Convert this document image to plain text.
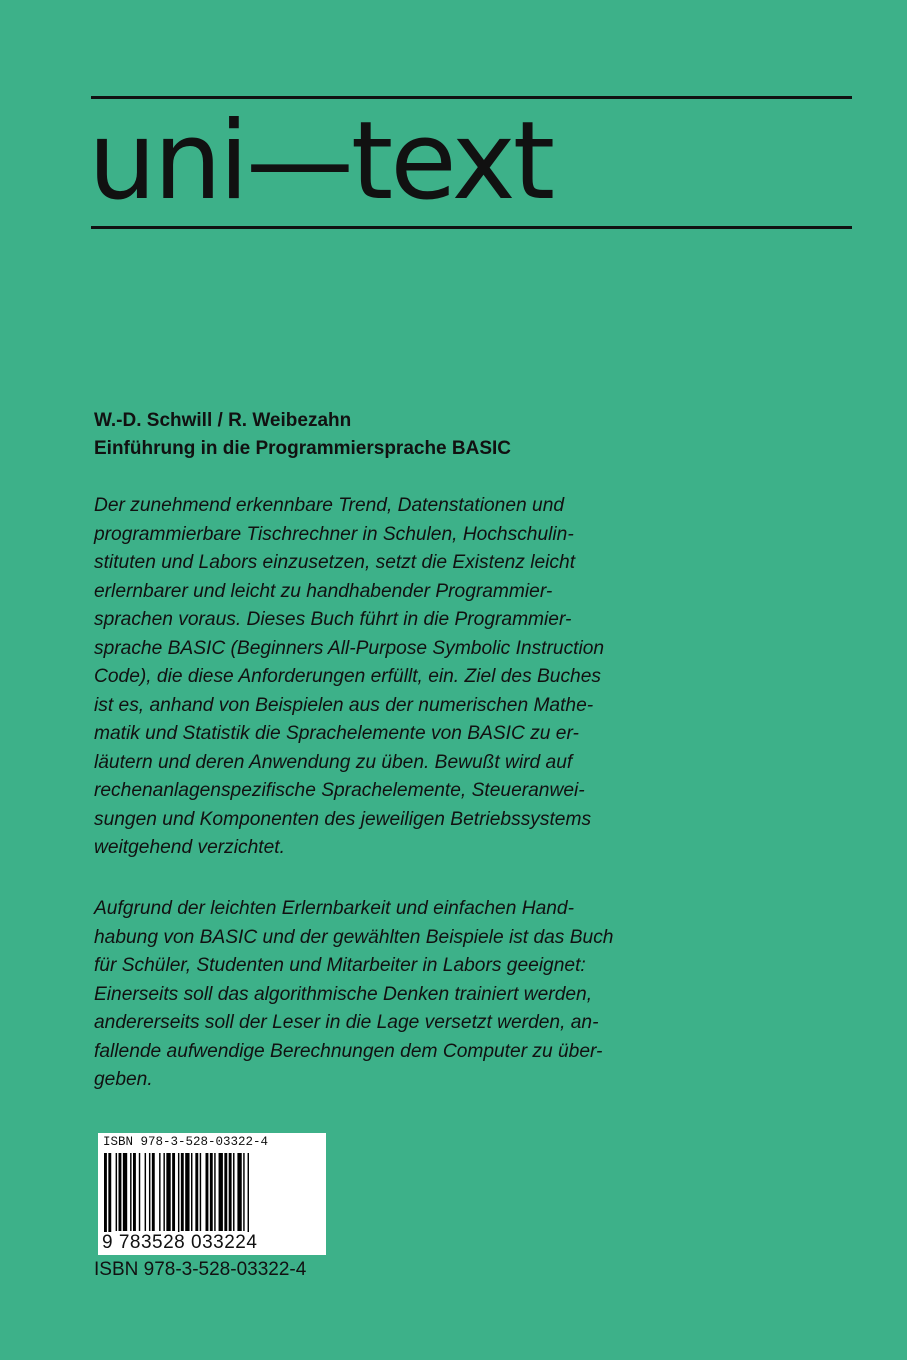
uni—text
W.-D. Schwill / R. Weibezahn
Einführung in die Programmiersprache BASIC

Der zunehmend erkennbare Trend, Datenstationen und
programmierbare Tischrechner in Schulen, Hochschulin-
stituten und Labors einzusetzen, setzt die Existenz leicht
erlernbarer und leicht zu handhabender Programmier-
sprachen voraus. Dieses Buch führt in die Programmier-
sprache BASIC (Beginners All-Purpose Symbolic Instruction
Code), die diese Anforderungen erfüllt, ein. Ziel des Buches
ist es, anhand von Beispielen aus der numerischen Mathe-
matik und Statistik die Sprachelemente von BASIC zu er-
läutern und deren Anwendung zu üben. Bewußt wird auf
rechenanlagenspezifische Sprachelemente, Steueranwei-
sungen und Komponenten des jeweiligen Betriebssystems
weitgehend verzichtet.

Aufgrund der leichten Erlernbarkeit und einfachen Hand-
habung von BASIC und der gewählten Beispiele ist das Buch
für Schüler, Studenten und Mitarbeiter in Labors geeignet:
Einerseits soll das algorithmische Denken trainiert werden,
andererseits soll der Leser in die Lage versetzt werden, an-
fallende aufwendige Berechnungen dem Computer zu über-
geben.

ISBN 978-3-528-03322-4
9 783528 033224
ISBN 978-3-528-03322-4
